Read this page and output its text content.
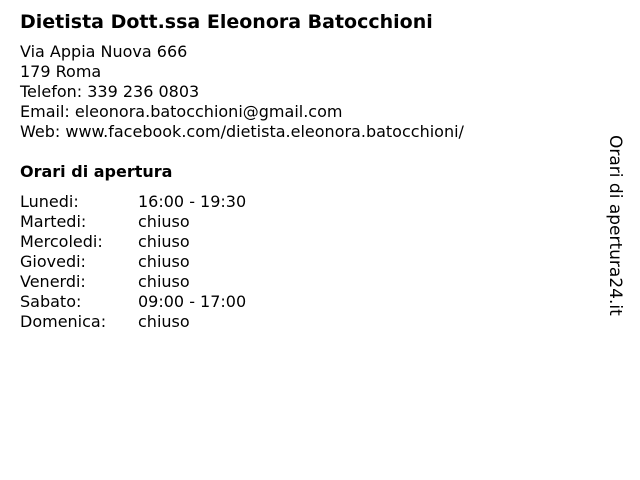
Dietista Dott.ssa Eleonora Batocchioni
Via Appia Nuova 666
179 Roma
Telefon: 339 236 0803
Email: eleonora.batocchioni@gmail.com
Web: www.facebook.com/dietista.eleonora.batocchioni/
Orari di apertura
Lunedi:	16:00 - 19:30
Martedi:	chiuso
Mercoledi: chiuso
Giovedi:	chiuso
Venerdi:	chiuso
Sabato:	09:00 - 17:00
Domenica: chiuso
Orari di apertura24.it
